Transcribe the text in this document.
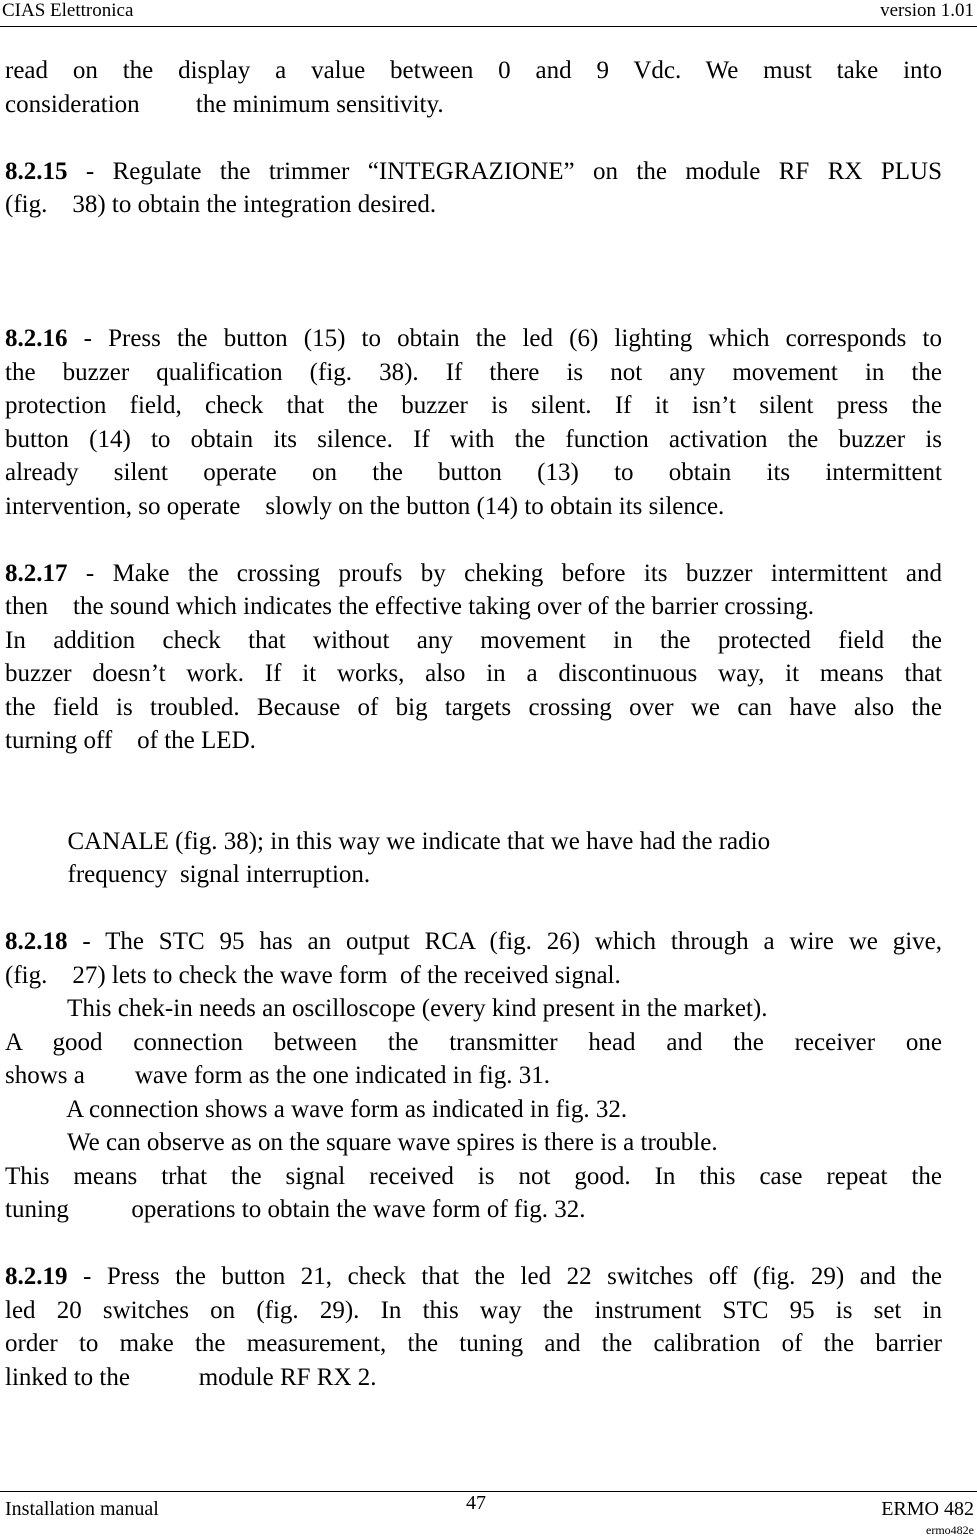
CIAS Elettronica	version 1.01
read on the display a value between 0 and 9 Vdc. We must take into
consideration         the minimum sensitivity.
8.2.15 - Regulate the trimmer “INTEGRAZIONE” on the module RF RX PLUS
(fig.    38) to obtain the integration desired.
8.2.16 - Press the button (15) to obtain the led (6) lighting which corresponds to
the buzzer qualification (fig. 38). If there is not any movement in the
protection field, check that the buzzer is silent. If it isn’t silent press the
button (14) to obtain its silence. If with the function activation the buzzer is
already silent operate on the button (13) to obtain its intermittent
intervention, so operate    slowly on the button (14) to obtain its silence.
8.2.17 - Make the crossing proufs by cheking before its buzzer intermittent and
then    the sound which indicates the effective taking over of the barrier crossing.
In addition check that without any movement in the protected field the
buzzer doesn’t work. If it works, also in a discontinuous way, it means that
the field is troubled. Because of big targets crossing over we can have also the
turning off    of the LED.
CANALE (fig. 38); in this way we indicate that we have had the radio
frequency  signal interruption.
8.2.18 - The STC 95 has an output RCA (fig. 26) which through a wire we give,
(fig.    27) lets to check the wave form  of the received signal.
This chek-in needs an oscilloscope (every kind present in the market).
A good connection between the transmitter head and the receiver one
shows a        wave form as the one indicated in fig. 31.
A connection shows a wave form as indicated in fig. 32.
We can observe as on the square wave spires is there is a trouble.
This means trhat the signal received is not good. In this case repeat the
tuning          operations to obtain the wave form of fig. 32.
8.2.19 - Press the button 21, check that the led 22 switches off (fig. 29) and the
led 20 switches on (fig. 29). In this way the instrument STC 95 is set in
order to make the measurement, the tuning and the calibration of the barrier
linked to the           module RF RX 2.
Installation manual	47	ERMO 482
ermo482e
